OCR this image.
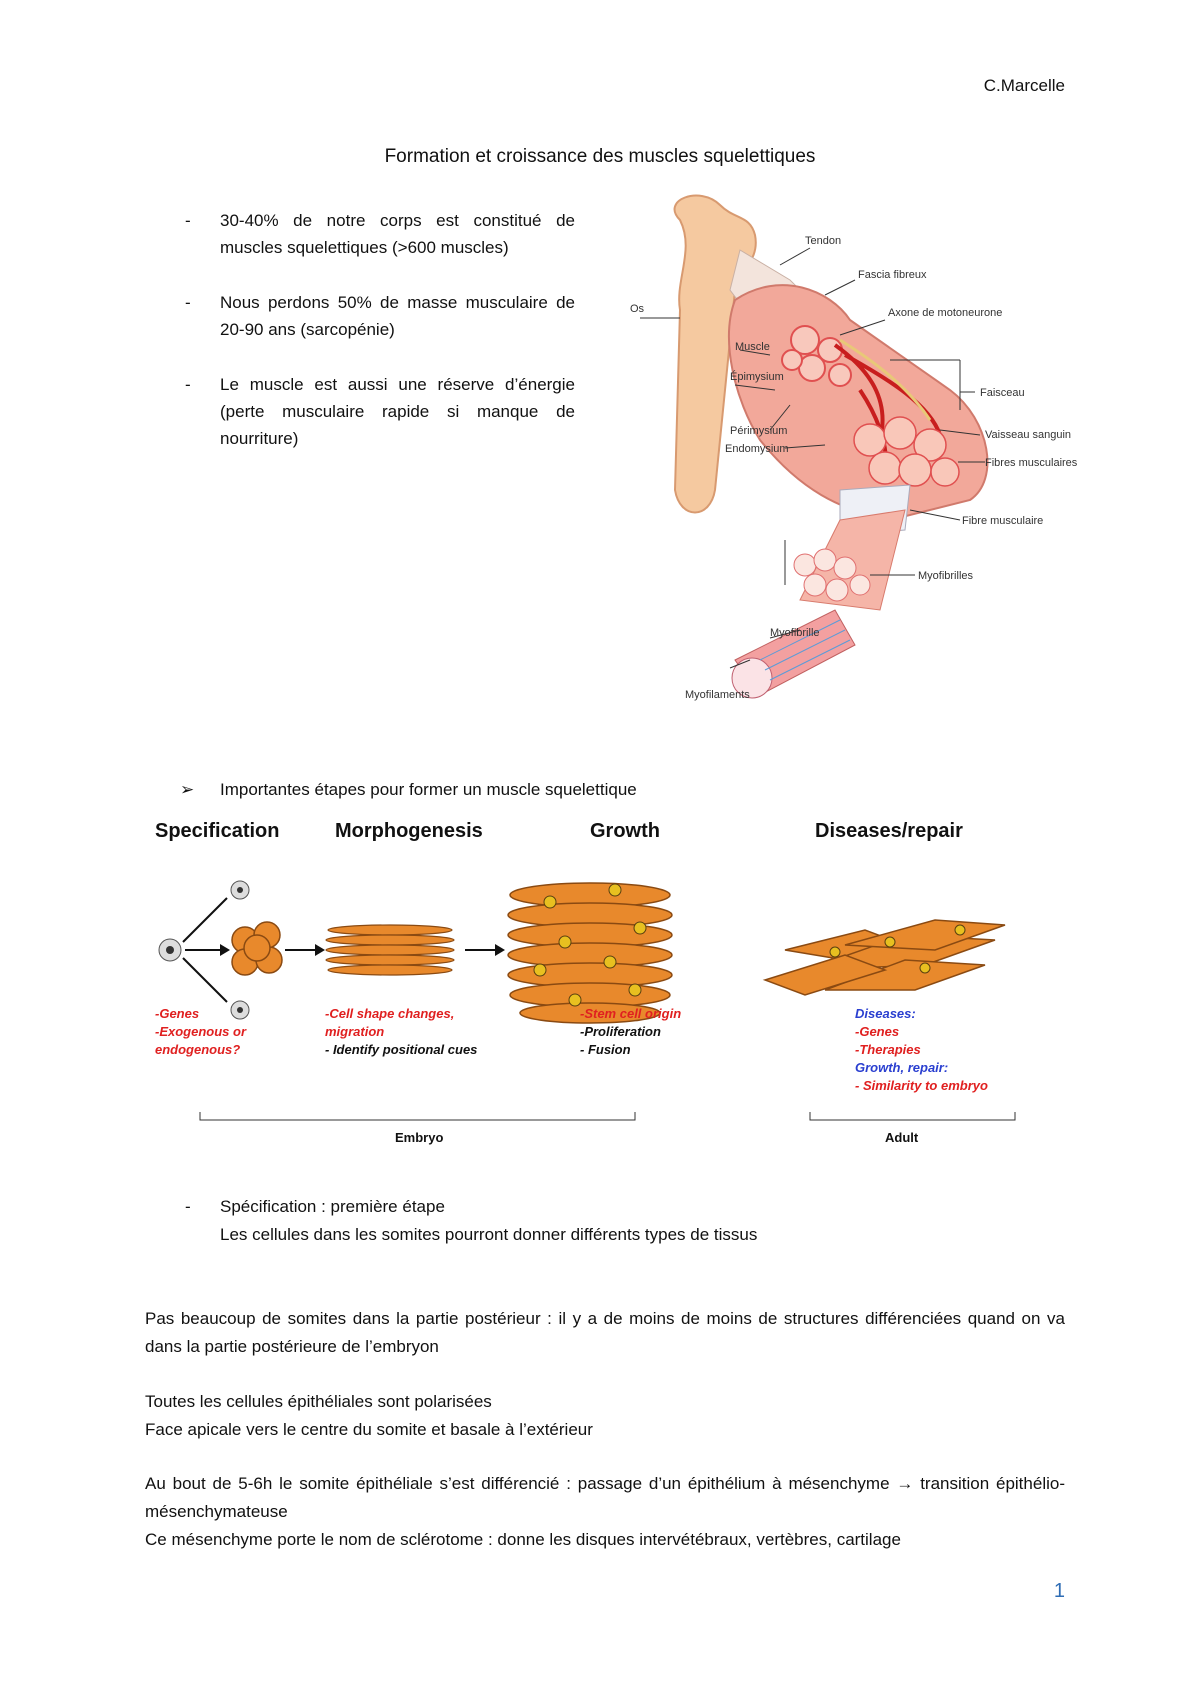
C.Marcelle
Formation et croissance des muscles squelettiques
- 30-40% de notre corps est constitué de muscles squelettiques (>600 muscles)
- Nous perdons 50% de masse musculaire de 20-90 ans (sarcopénie)
- Le muscle est aussi une réserve d’énergie (perte musculaire rapide si manque de nourriture)
Tendon
Fascia fibreux
Os	Axone de motoneurone
Muscle
Faisceau
Épimysium
Vaisseau sanguin
Périmysium
Fibres musculaires
Endomysium
Fibre musculaire
Myofibrilles
Myofibrille
Myofilaments
➢ Importantes étapes pour former un muscle squelettique
Specification	Morphogenesis	Growth	Diseases/repair
-Genes
-Exogenous or
endogenous?
-Cell shape changes,
migration
- Identify positional cues
-Stem cell origin
-Proliferation
- Fusion
Diseases:
-Genes
-Therapies
Growth, repair:
- Similarity to embryo
Embryo	Adult
- Spécification : première étape
Les cellules dans les somites pourront donner différents types de tissus
Pas beaucoup de somites dans la partie postérieur : il y a de moins de moins de structures différenciées quand on va dans la partie postérieure de l’embryon
Toutes les cellules épithéliales sont polarisées
Face apicale vers le centre du somite et basale à l’extérieur
Au bout de 5-6h le somite épithéliale s’est différencié : passage d’un épithélium à mésenchyme → transition épithélio-mésenchymateuse
Ce mésenchyme porte le nom de sclérotome : donne les disques intervétébraux, vertèbres, cartilage
1
